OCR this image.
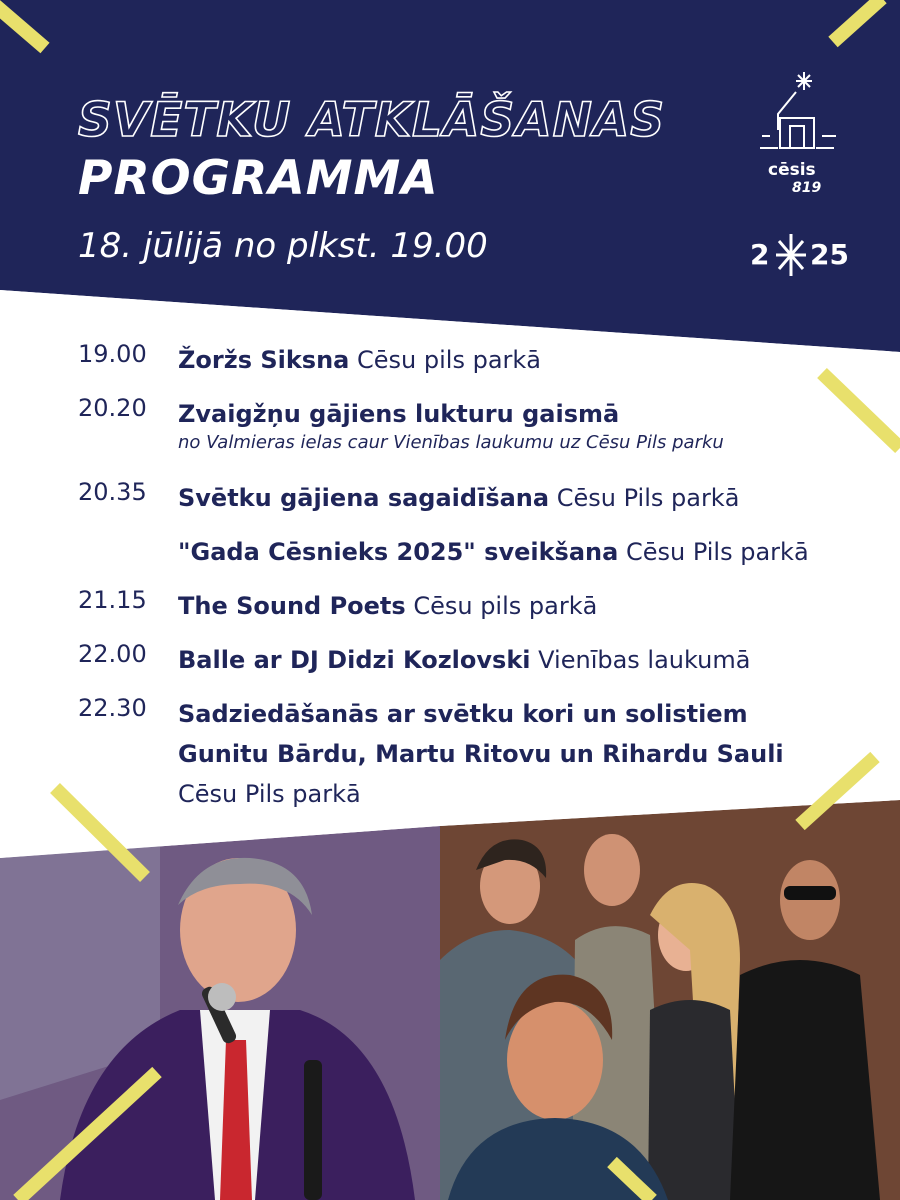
SVĒTKU ATKLĀŠANAS
PROGRAMMA
18. jūlijā no plkst. 19.00
cēsis
819
2 25
19.00 Žoržs Siksna Cēsu pils parkā
20.20 Zvaigžņu gājiens lukturu gaismā
no Valmieras ielas caur Vienības laukumu uz Cēsu Pils parku
20.35 Svētku gājiena sagaidīšana Cēsu Pils parkā
"Gada Cēsnieks 2025" sveikšana Cēsu Pils parkā
21.15 The Sound Poets Cēsu pils parkā
22.00 Balle ar DJ Didzi Kozlovski Vienības laukumā
22.30 Sadziedāšanās ar svētku kori un solistiem
Gunitu Bārdu, Martu Ritovu un Rihardu Sauli
Cēsu Pils parkā
